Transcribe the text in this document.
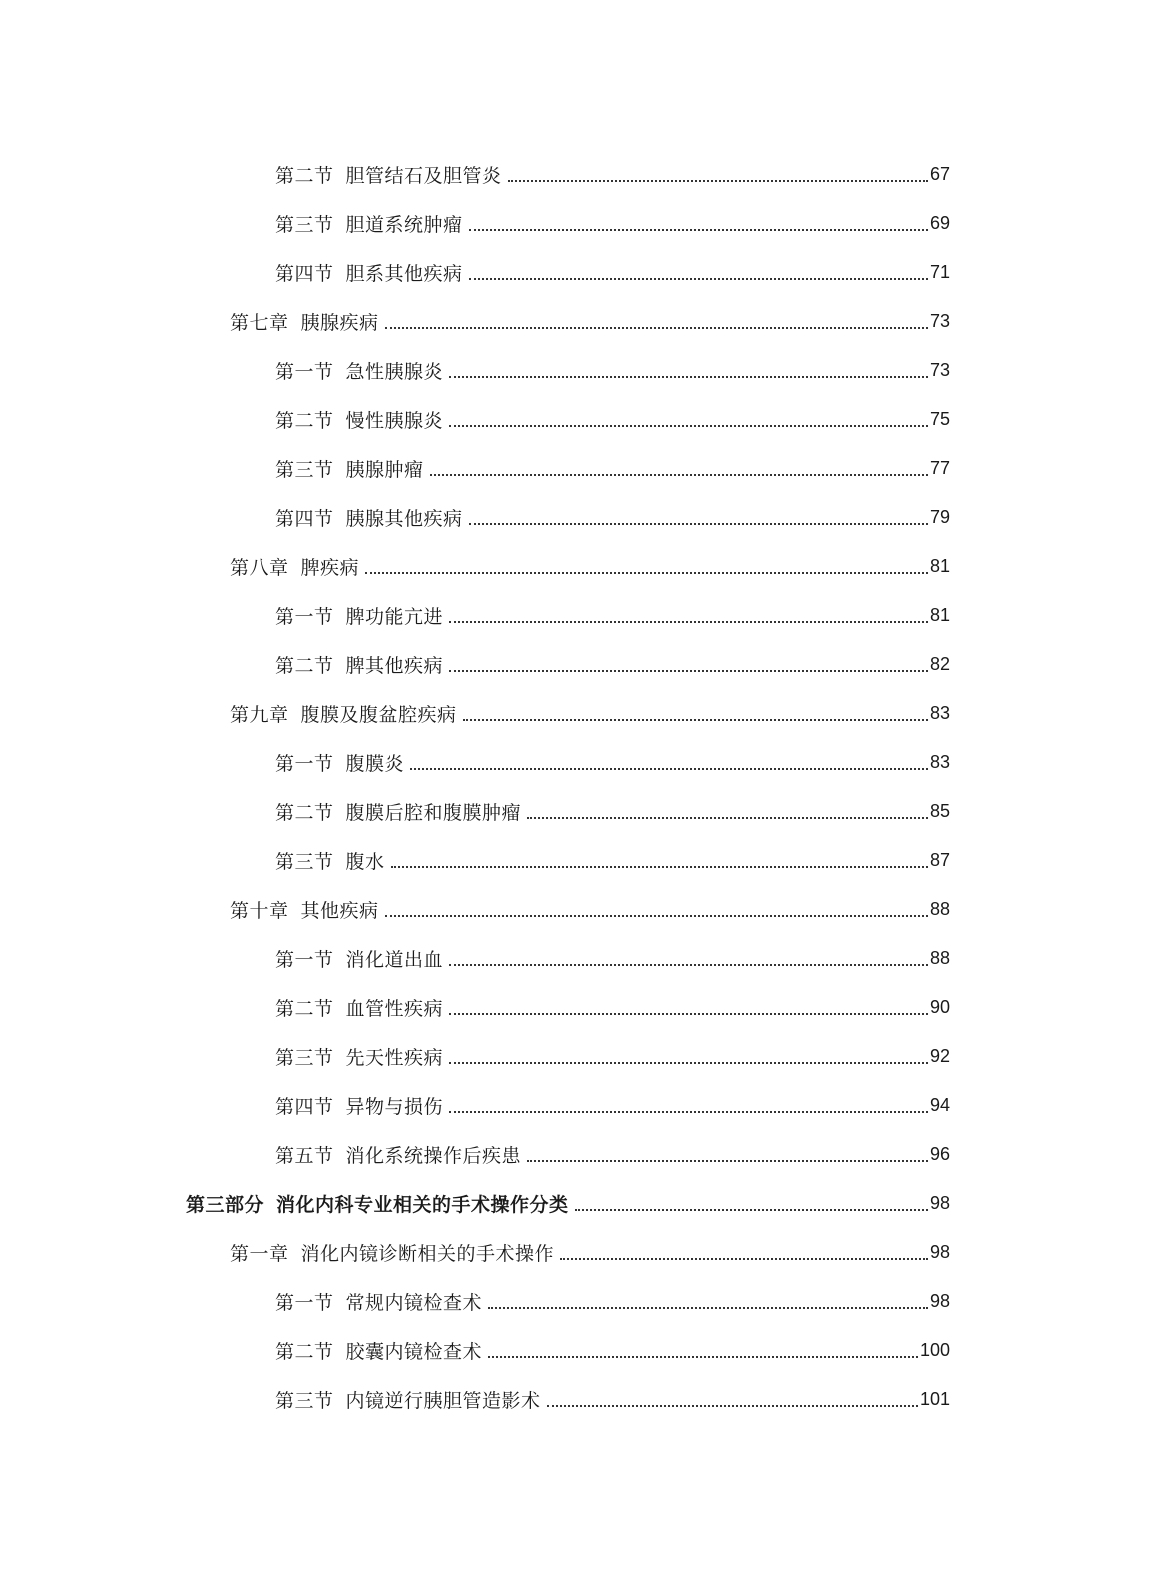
第二节 胆管结石及胆管炎	67
第三节 胆道系统肿瘤	69
第四节 胆系其他疾病	71
第七章 胰腺疾病	73
第一节 急性胰腺炎	73
第二节 慢性胰腺炎	75
第三节 胰腺肿瘤	77
第四节 胰腺其他疾病	79
第八章 脾疾病	81
第一节 脾功能亢进	81
第二节 脾其他疾病	82
第九章 腹膜及腹盆腔疾病	83
第一节 腹膜炎	83
第二节 腹膜后腔和腹膜肿瘤	85
第三节 腹水	87
第十章 其他疾病	88
第一节 消化道出血	88
第二节 血管性疾病	90
第三节 先天性疾病	92
第四节 异物与损伤	94
第五节 消化系统操作后疾患	96
第三部分 消化内科专业相关的手术操作分类	98
第一章 消化内镜诊断相关的手术操作	98
第一节 常规内镜检查术	98
第二节 胶囊内镜检查术	100
第三节 内镜逆行胰胆管造影术	101
